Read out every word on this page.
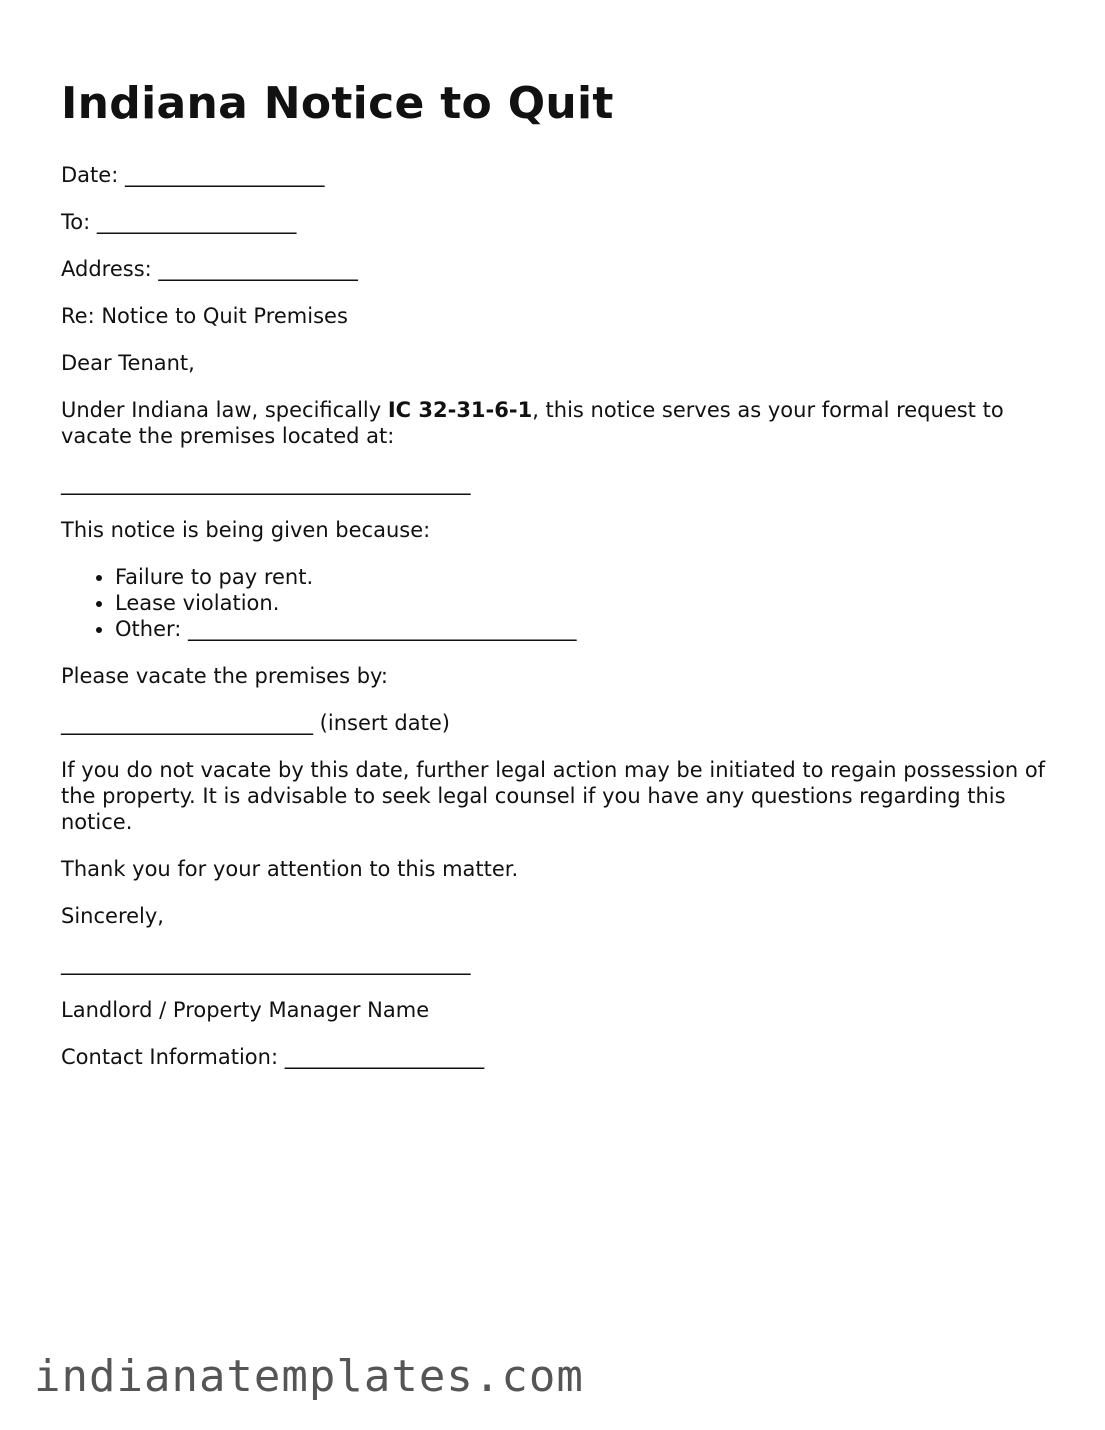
Indiana Notice to Quit

Date: ___________________

To: ___________________

Address: ___________________

Re: Notice to Quit Premises

Dear Tenant,

Under Indiana law, specifically IC 32-31-6-1, this notice serves as your formal request to vacate the premises located at:

_______________________________________

This notice is being given because:

• Failure to pay rent.
• Lease violation.
• Other: _____________________________________

Please vacate the premises by:

________________________ (insert date)

If you do not vacate by this date, further legal action may be initiated to regain possession of the property. It is advisable to seek legal counsel if you have any questions regarding this notice.

Thank you for your attention to this matter.

Sincerely,

_______________________________________

Landlord / Property Manager Name

Contact Information: ___________________

indianatemplates.com
